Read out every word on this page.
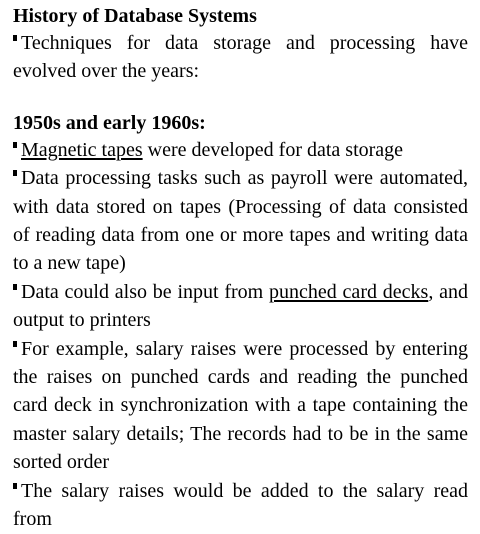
History of Database Systems

Techniques for data storage and processing have evolved over the years:

1950s and early 1960s:

Magnetic tapes were developed for data storage

Data processing tasks such as payroll were automated, with data stored on tapes (Processing of data consisted of reading data from one or more tapes and writing data to a new tape)

Data could also be input from punched card decks, and output to printers

For example, salary raises were processed by entering the raises on punched cards and reading the punched card deck in synchronization with a tape containing the master salary details; The records had to be in the same sorted order

The salary raises would be added to the salary read from
